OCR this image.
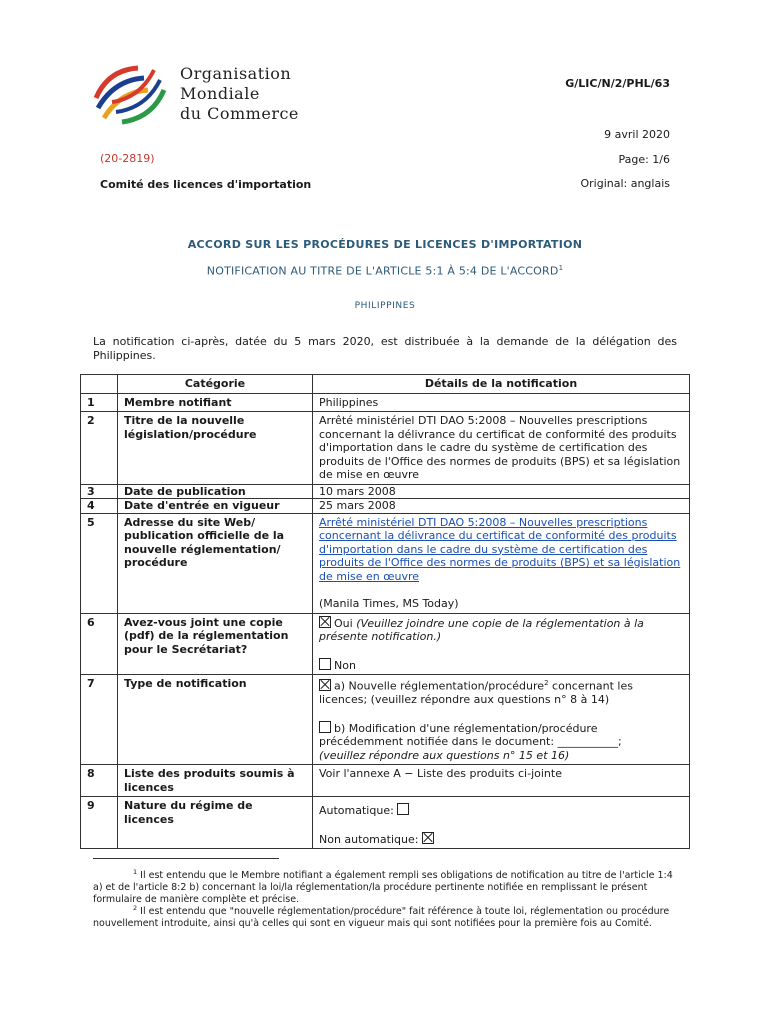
Organisation
Mondiale
du Commerce
G/LIC/N/2/PHL/63
9 avril 2020
(20-2819)	Page: 1/6
Comité des licences d'importation	Original: anglais
ACCORD SUR LES PROCÉDURES DE LICENCES D'IMPORTATION
NOTIFICATION AU TITRE DE L'ARTICLE 5:1 À 5:4 DE L'ACCORD$^1$
PHILIPPINES
La notification ci-après, datée du 5 mars 2020, est distribuée à la demande de la délégation des Philippines.
	Catégorie	Détails de la notification
1	Membre notifiant	Philippines
2	Titre de la nouvelle législation/procédure	Arrêté ministériel DTI DAO 5:2008 – Nouvelles prescriptions concernant la délivrance du certificat de conformité des produits d'importation dans le cadre du système de certification des produits de l'Office des normes de produits (BPS) et sa législation de mise en œuvre
3	Date de publication	10 mars 2008
4	Date d'entrée en vigueur	25 mars 2008
5	Adresse du site Web/ publication officielle de la nouvelle réglementation/ procédure	Arrêté ministériel DTI DAO 5:2008 – Nouvelles prescriptions concernant la délivrance du certificat de conformité des produits d'importation dans le cadre du système de certification des produits de l'Office des normes de produits (BPS) et sa législation de mise en œuvre
(Manila Times, MS Today)

6	Avez-vous joint une copie (pdf) de la réglementation pour le Secrétariat?	Oui (Veuillez joindre une copie de la réglementation à la présente notification.)
Non

7	Type de notification	a) Nouvelle réglementation/procédure$^2$ concernant les licences; (veuillez répondre aux questions n° 8 à 14)
b) Modification d'une réglementation/procédure précédemment notifiée dans le document: ___________;
(veuillez répondre aux questions n° 15 et 16)

8	Liste des produits soumis à licences	Voir l'annexe A − Liste des produits ci-jointe
9	Nature du régime de licences	Automatique:
Non automatique:
$^1$ Il est entendu que le Membre notifiant a également rempli ses obligations de notification au titre de l'article 1:4 a) et de l'article 8:2 b) concernant la loi/la réglementation/la procédure pertinente notifiée en remplissant le présent formulaire de manière complète et précise.
$^2$ Il est entendu que "nouvelle réglementation/procédure" fait référence à toute loi, réglementation ou procédure nouvellement introduite, ainsi qu'à celles qui sont en vigueur mais qui sont notifiées pour la première fois au Comité.
